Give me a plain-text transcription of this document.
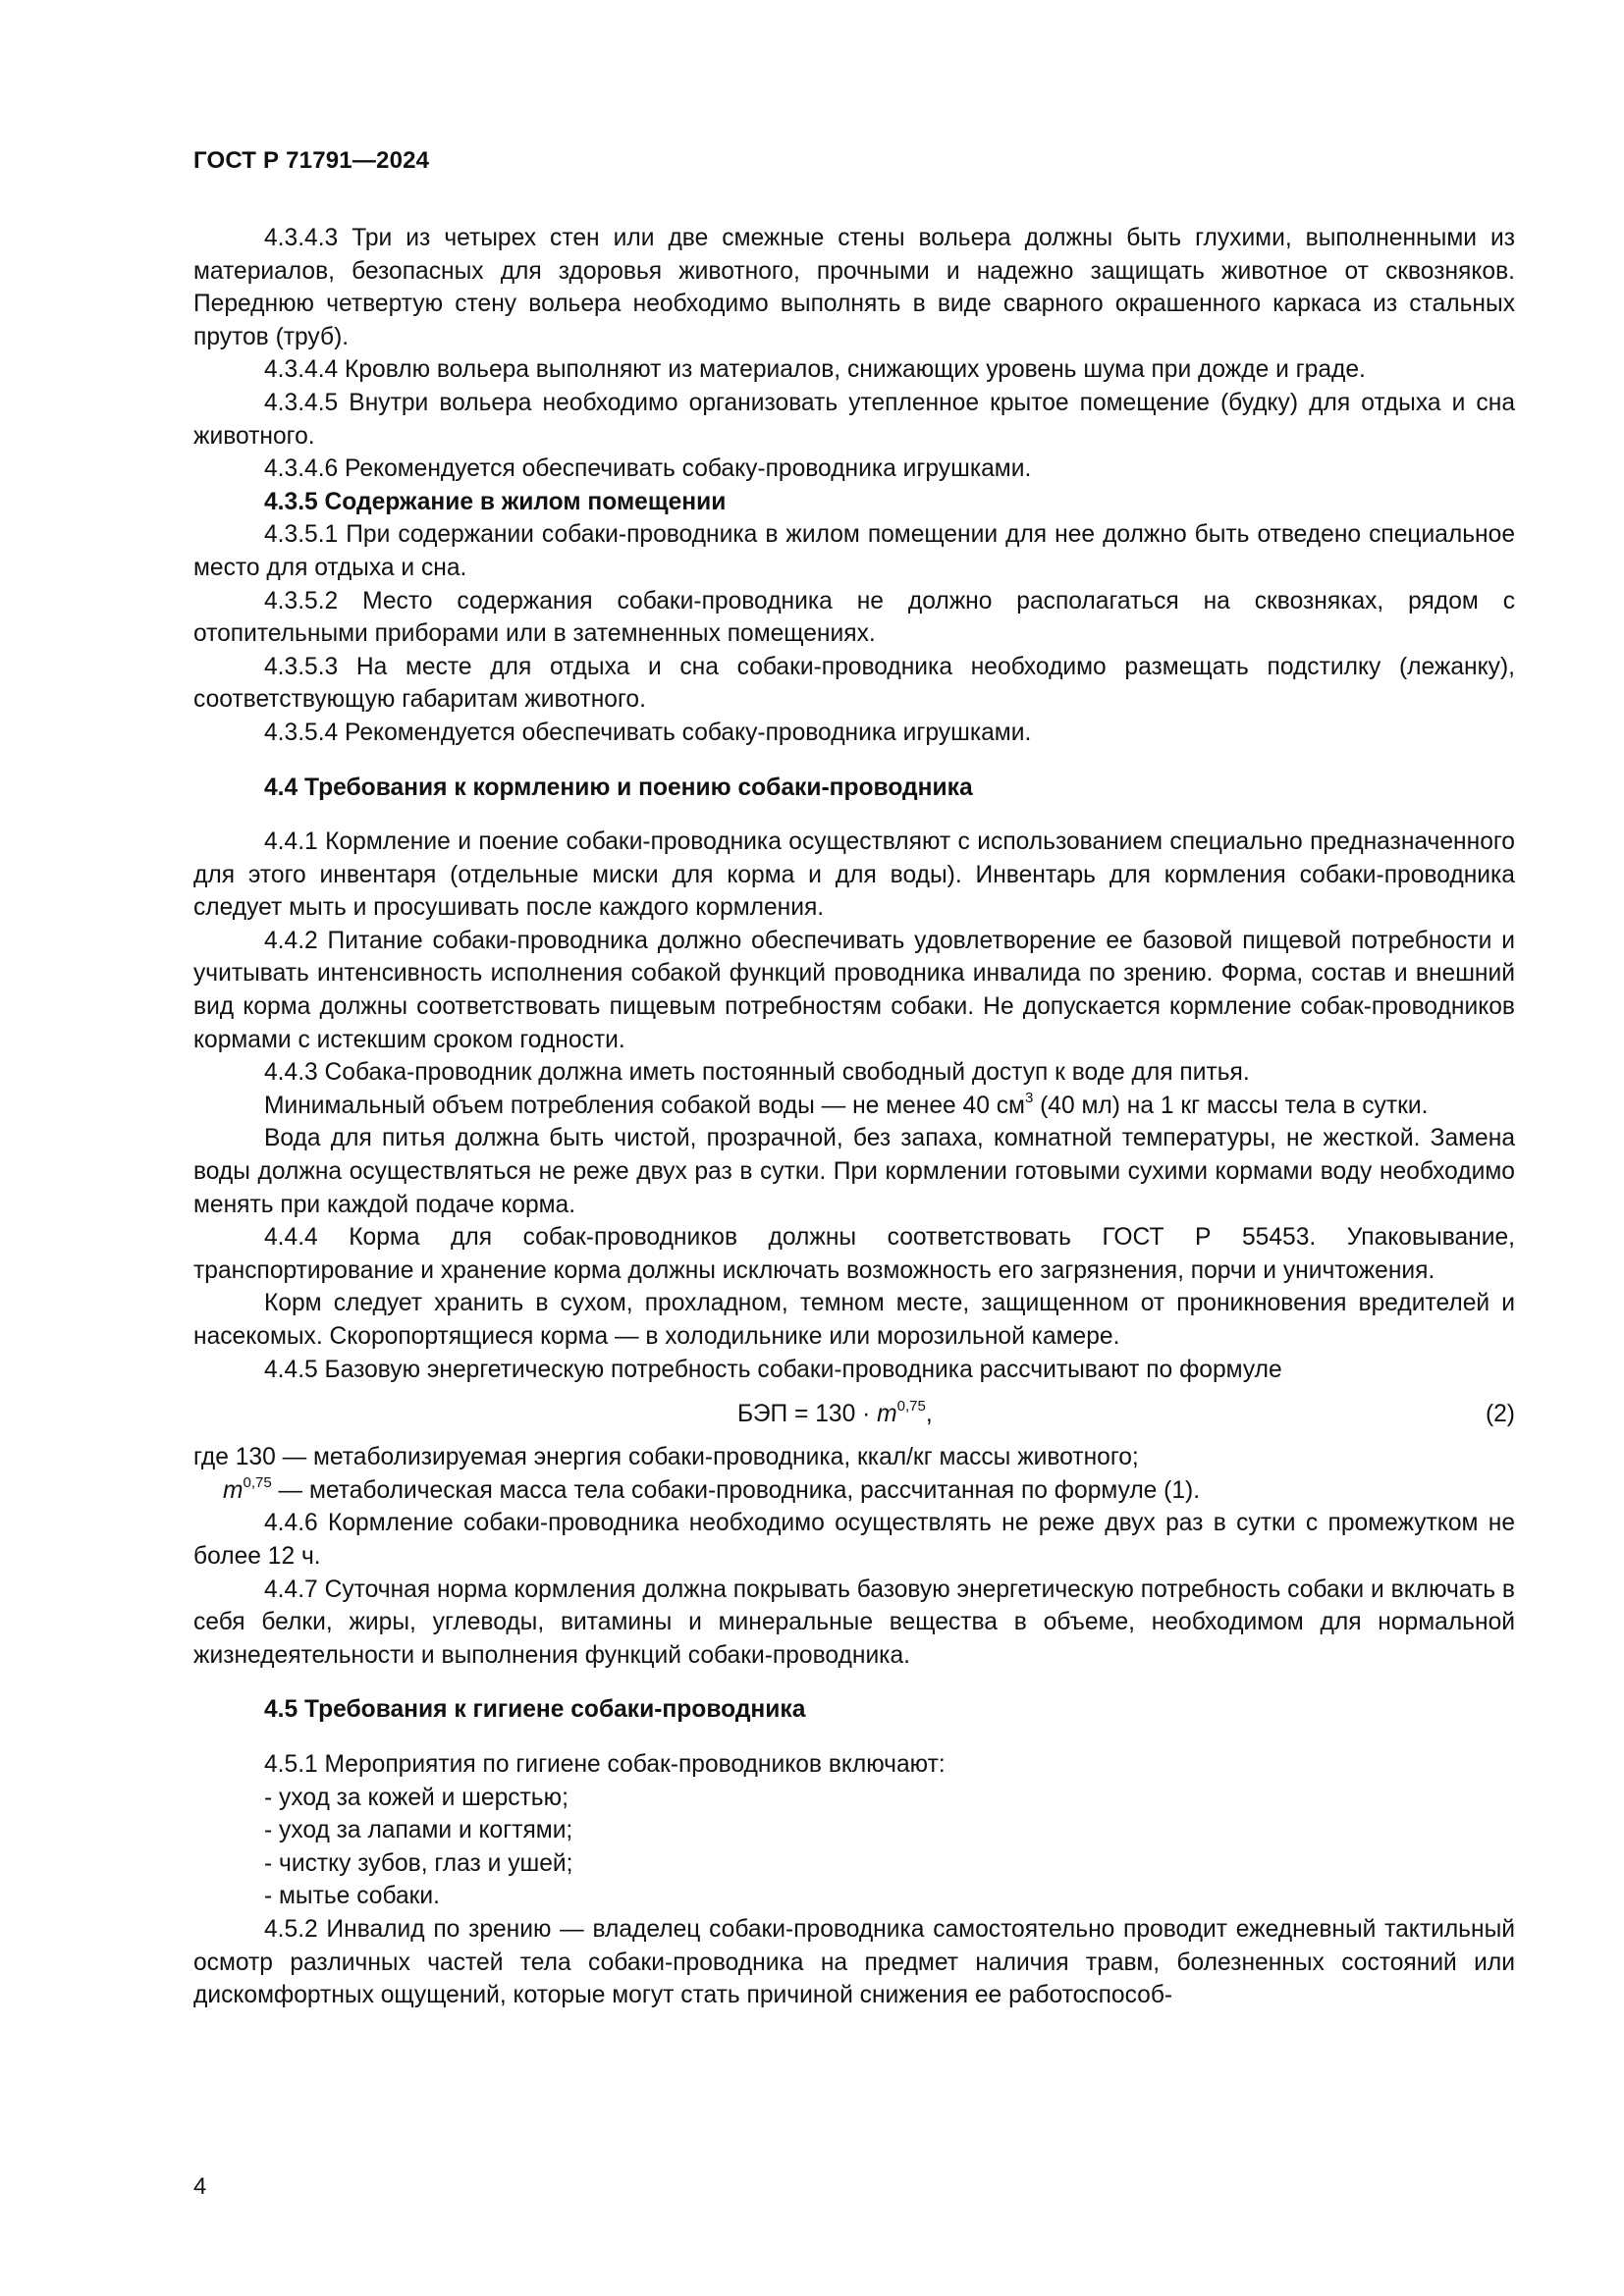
ГОСТ Р 71791—2024

4.3.4.3 Три из четырех стен или две смежные стены вольера должны быть глухими, выполненными из материалов, безопасных для здоровья животного, прочными и надежно защищать животное от сквозняков. Переднюю четвертую стену вольера необходимо выполнять в виде сварного окрашенного каркаса из стальных прутов (труб).

4.3.4.4 Кровлю вольера выполняют из материалов, снижающих уровень шума при дожде и граде.

4.3.4.5 Внутри вольера необходимо организовать утепленное крытое помещение (будку) для отдыха и сна животного.

4.3.4.6 Рекомендуется обеспечивать собаку-проводника игрушками.

4.3.5 Содержание в жилом помещении

4.3.5.1 При содержании собаки-проводника в жилом помещении для нее должно быть отведено специальное место для отдыха и сна.

4.3.5.2 Место содержания собаки-проводника не должно располагаться на сквозняках, рядом с отопительными приборами или в затемненных помещениях.

4.3.5.3 На месте для отдыха и сна собаки-проводника необходимо размещать подстилку (лежанку), соответствующую габаритам животного.

4.3.5.4 Рекомендуется обеспечивать собаку-проводника игрушками.

4.4 Требования к кормлению и поению собаки-проводника

4.4.1 Кормление и поение собаки-проводника осуществляют с использованием специально предназначенного для этого инвентаря (отдельные миски для корма и для воды). Инвентарь для кормления собаки-проводника следует мыть и просушивать после каждого кормления.

4.4.2 Питание собаки-проводника должно обеспечивать удовлетворение ее базовой пищевой потребности и учитывать интенсивность исполнения собакой функций проводника инвалида по зрению. Форма, состав и внешний вид корма должны соответствовать пищевым потребностям собаки. Не допускается кормление собак-проводников кормами с истекшим сроком годности.

4.4.3 Собака-проводник должна иметь постоянный свободный доступ к воде для питья.

Минимальный объем потребления собакой воды — не менее 40 $см^3$ (40 мл) на 1 кг массы тела в сутки.

Вода для питья должна быть чистой, прозрачной, без запаха, комнатной температуры, не жесткой. Замена воды должна осуществляться не реже двух раз в сутки. При кормлении готовыми сухими кормами воду необходимо менять при каждой подаче корма.

4.4.4 Корма для собак-проводников должны соответствовать ГОСТ Р 55453. Упаковывание, транспортирование и хранение корма должны исключать возможность его загрязнения, порчи и уничтожения.

Корм следует хранить в сухом, прохладном, темном месте, защищенном от проникновения вредителей и насекомых. Скоропортящиеся корма — в холодильнике или морозильной камере.

4.4.5 Базовую энергетическую потребность собаки-проводника рассчитывают по формуле

БЭП = $130 \cdot m^{0,75}$,	(2)

где 130 — метаболизируемая энергия собаки-проводника, ккал/кг массы животного;

$m^{0,75}$ — метаболическая масса тела собаки-проводника, рассчитанная по формуле (1).

4.4.6 Кормление собаки-проводника необходимо осуществлять не реже двух раз в сутки с промежутком не более 12 ч.

4.4.7 Суточная норма кормления должна покрывать базовую энергетическую потребность собаки и включать в себя белки, жиры, углеводы, витамины и минеральные вещества в объеме, необходимом для нормальной жизнедеятельности и выполнения функций собаки-проводника.

4.5 Требования к гигиене собаки-проводника

4.5.1 Мероприятия по гигиене собак-проводников включают:

- уход за кожей и шерстью;
- уход за лапами и когтями;
- чистку зубов, глаз и ушей;
- мытье собаки.

4.5.2 Инвалид по зрению — владелец собаки-проводника самостоятельно проводит ежедневный тактильный осмотр различных частей тела собаки-проводника на предмет наличия травм, болезненных состояний или дискомфортных ощущений, которые могут стать причиной снижения ее работоспособ-

4
